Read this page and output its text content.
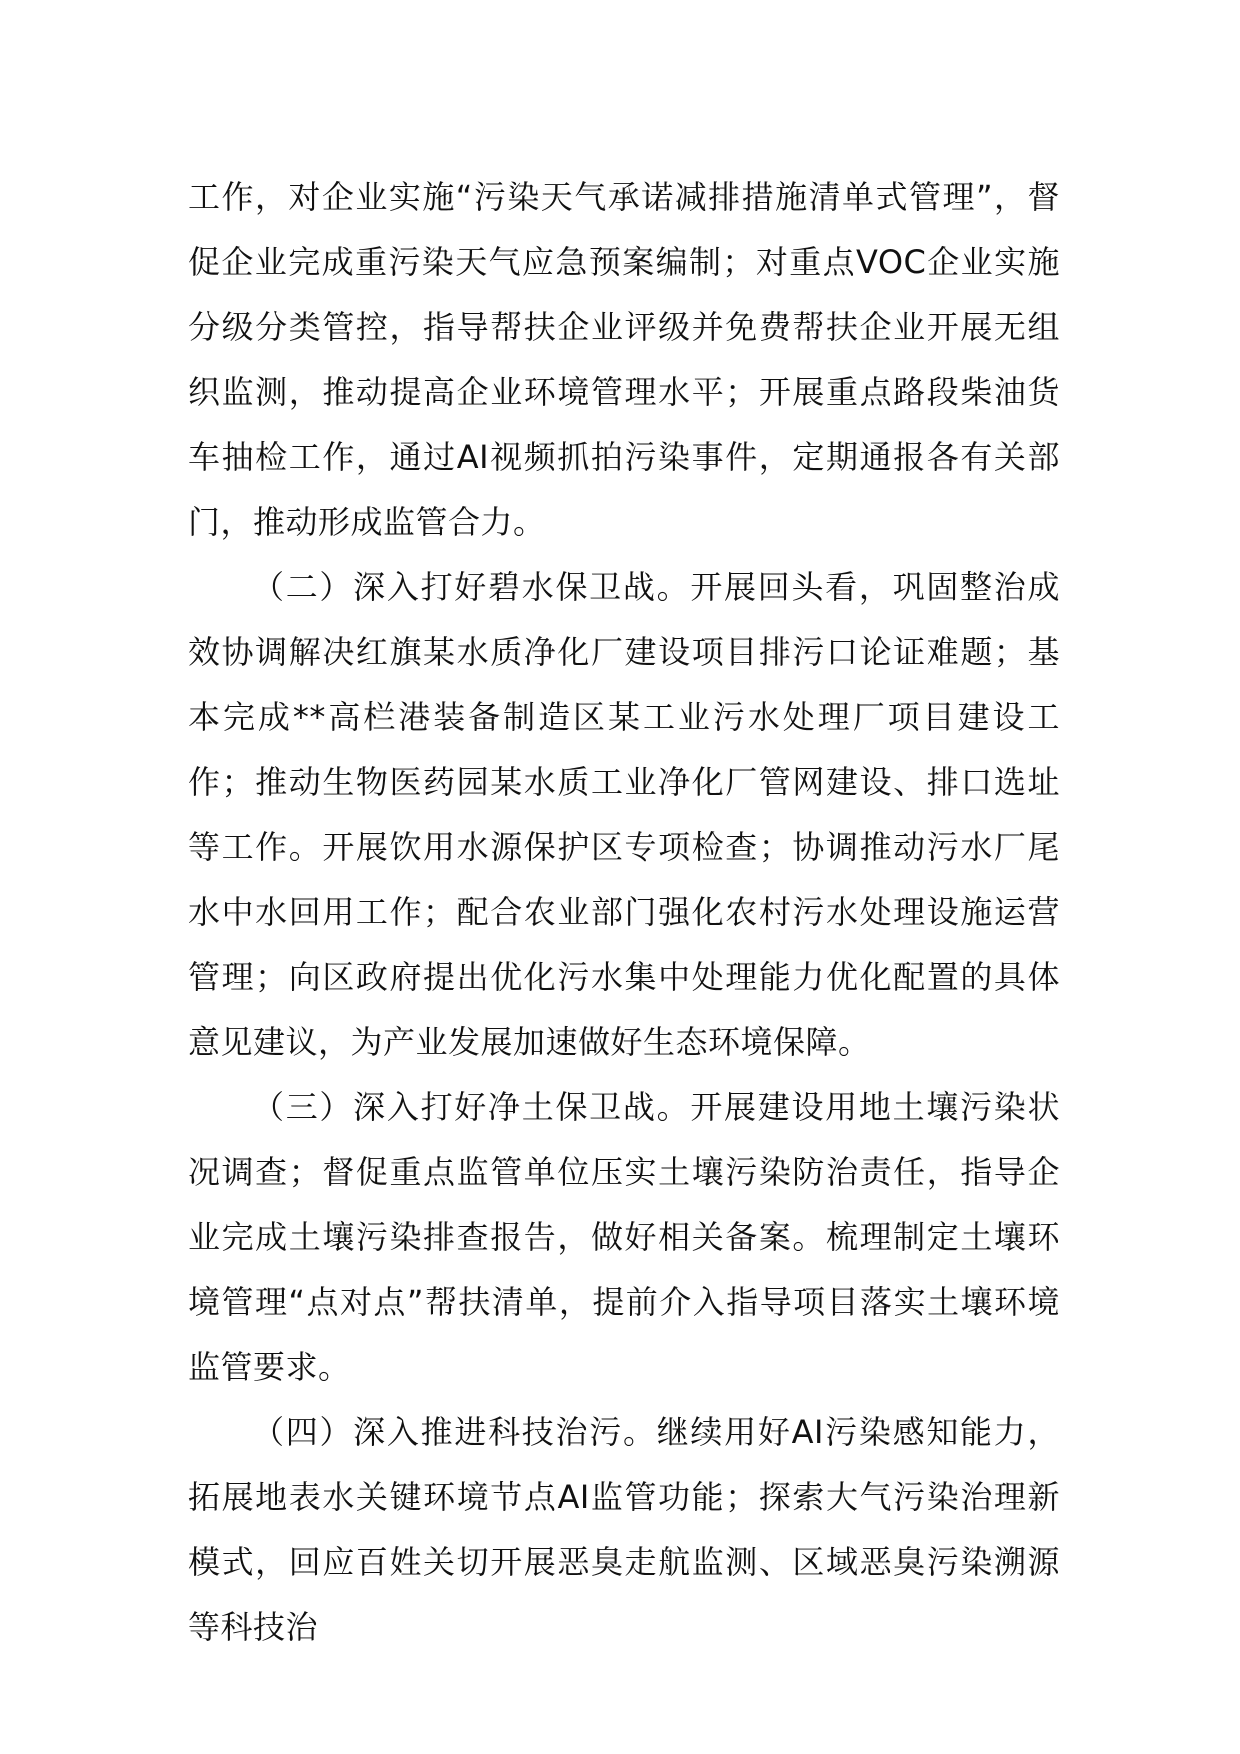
工作，对企业实施“污染天气承诺减排措施清单式管理”，督促企业完成重污染天气应急预案编制；对重点VOC企业实施分级分类管控，指导帮扶企业评级并免费帮扶企业开展无组织监测，推动提高企业环境管理水平；开展重点路段柴油货车抽检工作，通过AI视频抓拍污染事件，定期通报各有关部门，推动形成监管合力。

（二）深入打好碧水保卫战。开展回头看，巩固整治成效协调解决红旗某水质净化厂建设项目排污口论证难题；基本完成**高栏港装备制造区某工业污水处理厂项目建设工作；推动生物医药园某水质工业净化厂管网建设、排口选址等工作。开展饮用水源保护区专项检查；协调推动污水厂尾水中水回用工作；配合农业部门强化农村污水处理设施运营管理；向区政府提出优化污水集中处理能力优化配置的具体意见建议，为产业发展加速做好生态环境保障。

（三）深入打好净土保卫战。开展建设用地土壤污染状况调查；督促重点监管单位压实土壤污染防治责任，指导企业完成土壤污染排查报告，做好相关备案。梳理制定土壤环境管理“点对点”帮扶清单，提前介入指导项目落实土壤环境监管要求。

（四）深入推进科技治污。继续用好AI污染感知能力，拓展地表水关键环境节点AI监管功能；探索大气污染治理新模式，回应百姓关切开展恶臭走航监测、区域恶臭污染溯源等科技治
